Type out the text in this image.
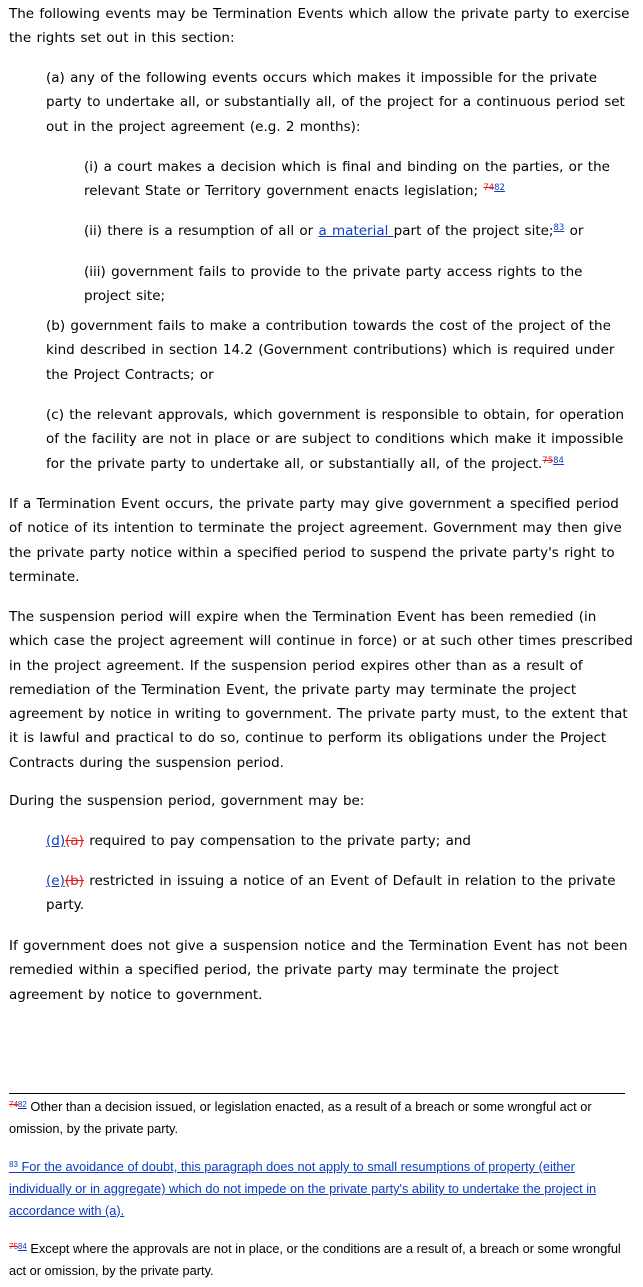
The following events may be Termination Events which allow the private party to exercise the rights set out in this section:

(a) any of the following events occurs which makes it impossible for the private party to undertake all, or substantially all, of the project for a continuous period set out in the project agreement (e.g. 2 months):

(i) a court makes a decision which is final and binding on the parties, or the relevant State or Territory government enacts legislation; $^{7482}$

(ii) there is a resumption of all or a material part of the project site;$^{83}$ or

(iii) government fails to provide to the private party access rights to the project site;

(b) government fails to make a contribution towards the cost of the project of the kind described in section 14.2 (Government contributions) which is required under the Project Contracts; or

(c) the relevant approvals, which government is responsible to obtain, for operation of the facility are not in place or are subject to conditions which make it impossible for the private party to undertake all, or substantially all, of the project.$^{7584}$

If a Termination Event occurs, the private party may give government a specified period of notice of its intention to terminate the project agreement. Government may then give the private party notice within a specified period to suspend the private party's right to terminate.

The suspension period will expire when the Termination Event has been remedied (in which case the project agreement will continue in force) or at such other times prescribed in the project agreement. If the suspension period expires other than as a result of remediation of the Termination Event, the private party may terminate the project agreement by notice in writing to government. The private party must, to the extent that it is lawful and practical to do so, continue to perform its obligations under the Project Contracts during the suspension period.

During the suspension period, government may be:

(d)(a) required to pay compensation to the private party; and

(e)(b) restricted in issuing a notice of an Event of Default in relation to the private party.

If government does not give a suspension notice and the Termination Event has not been remedied within a specified period, the private party may terminate the project agreement by notice to government.

$^{7482}$ Other than a decision issued, or legislation enacted, as a result of a breach or some wrongful act or omission, by the private party.

$^{83}$ For the avoidance of doubt, this paragraph does not apply to small resumptions of property (either individually or in aggregate) which do not impede on the private party's ability to undertake the project in accordance with (a).

$^{7584}$ Except where the approvals are not in place, or the conditions are a result of, a breach or some wrongful act or omission, by the private party.
